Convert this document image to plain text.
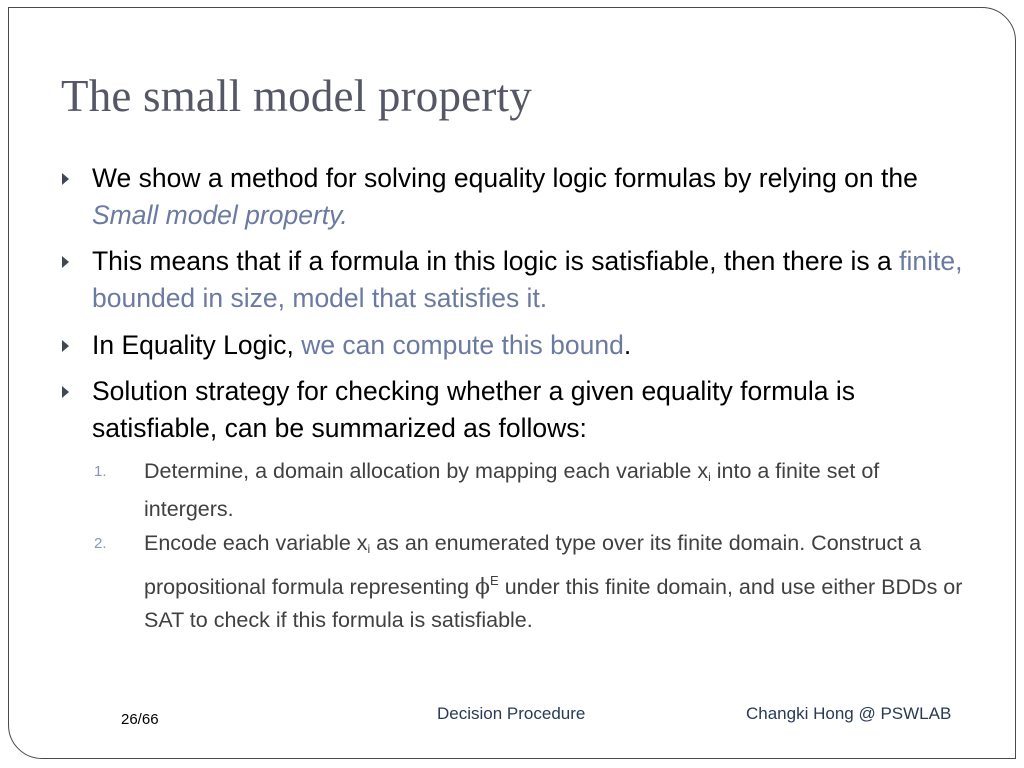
The small model property
We show a method for solving equality logic formulas by relying on the Small model property.
This means that if a formula in this logic is satisfiable, then there is a finite, bounded in size, model that satisfies it.
In Equality Logic, we can compute this bound.
Solution strategy for checking whether a given equality formula is satisfiable, can be summarized as follows:
1. Determine, a domain allocation by mapping each variable $x_i$ into a finite set of intergers.
2. Encode each variable $x_i$ as an enumerated type over its finite domain. Construct a propositional formula representing $\phi^E$ under this finite domain, and use either BDDs or SAT to check if this formula is satisfiable.
26/66	Decision Procedure	Changki Hong @ PSWLAB
